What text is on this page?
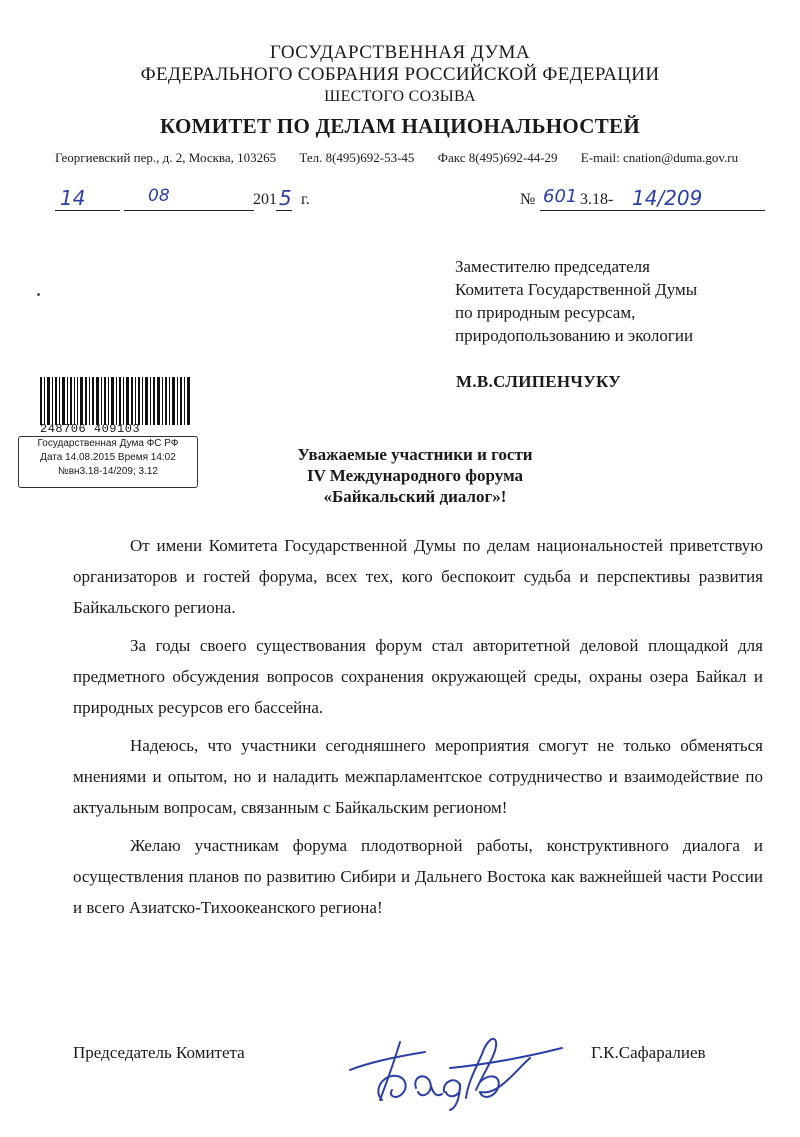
ГОСУДАРСТВЕННАЯ ДУМА
ФЕДЕРАЛЬНОГО СОБРАНИЯ РОССИЙСКОЙ ФЕДЕРАЦИИ
ШЕСТОГО СОЗЫВА
КОМИТЕТ ПО ДЕЛАМ НАЦИОНАЛЬНОСТЕЙ
Георгиевский пер., д. 2, Москва, 103265 Тел. 8(495)692-53-45 Факс 8(495)692-44-29 E-mail: cnation@duma.gov.ru
14	08	201 5 г.	№ 601 3.18- 14/209
Заместителю председателя
Комитета Государственной Думы
по природным ресурсам,
природопользованию и экологии
М.В.СЛИПЕНЧУКУ
248706 409103
Государственная Дума ФС РФ
Дата 14.08.2015 Время 14:02
№вн3.18-14/209; 3.12
Уважаемые участники и гости
IV Международного форума
«Байкальский диалог»!

От имени Комитета Государственной Думы по делам национальностей приветствую организаторов и гостей форума, всех тех, кого беспокоит судьба и перспективы развития Байкальского региона.

За годы своего существования форум стал авторитетной деловой площадкой для предметного обсуждения вопросов сохранения окружающей среды, охраны озера Байкал и природных ресурсов его бассейна.

Надеюсь, что участники сегодняшнего мероприятия смогут не только обменяться мнениями и опытом, но и наладить межпарламентское сотрудничество и взаимодействие по актуальным вопросам, связанным с Байкальским регионом!

Желаю участникам форума плодотворной работы, конструктивного диалога и осуществления планов по развитию Сибири и Дальнего Востока как важнейшей части России и всего Азиатско-Тихоокеанского региона!

Председатель Комитета	Г.К.Сафаралиев
